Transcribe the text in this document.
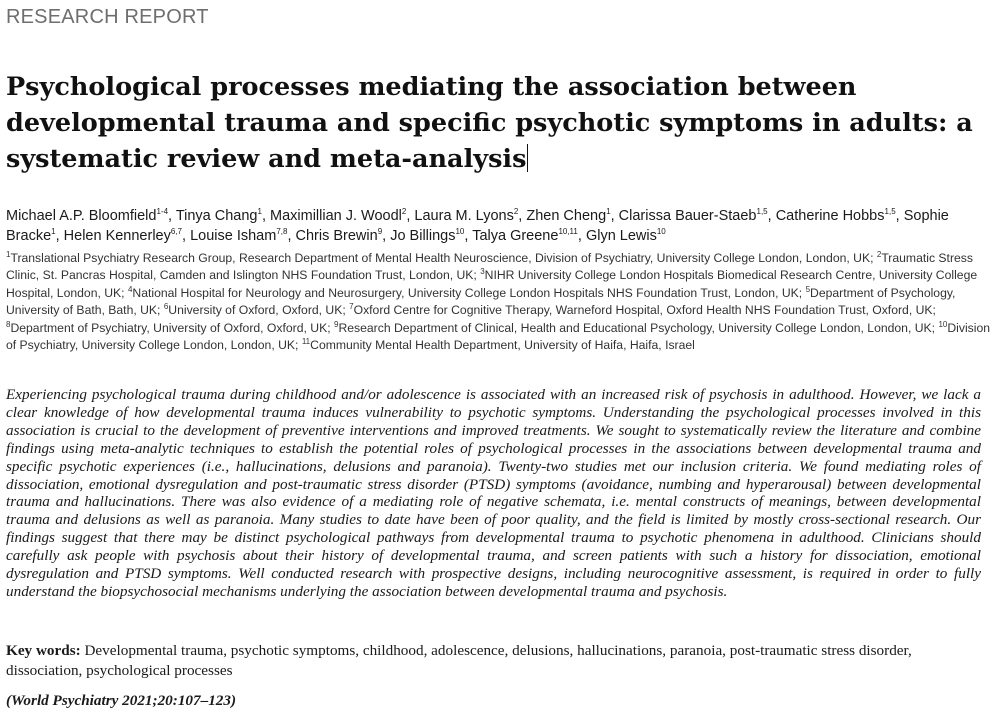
RESEARCH REPORT
Psychological processes mediating the association between developmental trauma and specific psychotic symptoms in adults: a systematic review and meta-analysis
Michael A.P. Bloomfield$^{1-4}$, Tinya Chang$^1$, Maximillian J. Woodl$^2$, Laura M. Lyons$^2$, Zhen Cheng$^1$, Clarissa Bauer-Staeb$^{1,5}$, Catherine Hobbs$^{1,5}$, Sophie Bracke$^1$, Helen Kennerley$^{6,7}$, Louise Isham$^{7,8}$, Chris Brewin$^9$, Jo Billings$^{10}$, Talya Greene$^{10,11}$, Glyn Lewis$^{10}$
$^1$Translational Psychiatry Research Group, Research Department of Mental Health Neuroscience, Division of Psychiatry, University College London, London, UK; $^2$Traumatic Stress Clinic, St. Pancras Hospital, Camden and Islington NHS Foundation Trust, London, UK; $^3$NIHR University College London Hospitals Biomedical Research Centre, University College Hospital, London, UK; $^4$National Hospital for Neurology and Neurosurgery, University College London Hospitals NHS Foundation Trust, London, UK; $^5$Department of Psychology, University of Bath, Bath, UK; $^6$University of Oxford, Oxford, UK; $^7$Oxford Centre for Cognitive Therapy, Warneford Hospital, Oxford Health NHS Foundation Trust, Oxford, UK; $^8$Department of Psychiatry, University of Oxford, Oxford, UK; $^9$Research Department of Clinical, Health and Educational Psychology, University College London, London, UK; $^{10}$Division of Psychiatry, University College London, London, UK; $^{11}$Community Mental Health Department, University of Haifa, Haifa, Israel

Experiencing psychological trauma during childhood and/or adolescence is associated with an increased risk of psychosis in adulthood. However, we lack a clear knowledge of how developmental trauma induces vulnerability to psychotic symptoms. Understanding the psychological processes involved in this association is crucial to the development of preventive interventions and improved treatments. We sought to systematically review the literature and combine findings using meta-analytic techniques to establish the potential roles of psychological processes in the associations between developmental trauma and specific psychotic experiences (i.e., hallucinations, delusions and paranoia). Twenty-two studies met our inclusion criteria. We found mediating roles of dissociation, emotional dysregulation and post-traumatic stress disorder (PTSD) symptoms (avoidance, numbing and hyperarousal) between developmental trauma and hallucinations. There was also evidence of a mediating role of negative schemata, i.e. mental constructs of meanings, between developmental trauma and delusions as well as paranoia. Many studies to date have been of poor quality, and the field is limited by mostly cross-sectional research. Our findings suggest that there may be distinct psychological pathways from developmental trauma to psychotic phenomena in adulthood. Clinicians should carefully ask people with psychosis about their history of developmental trauma, and screen patients with such a history for dissociation, emotional dysregulation and PTSD symptoms. Well conducted research with prospective designs, including neurocognitive assessment, is required in order to fully understand the biopsychosocial mechanisms underlying the association between developmental trauma and psychosis.

Key words: Developmental trauma, psychotic symptoms, childhood, adolescence, delusions, hallucinations, paranoia, post-traumatic stress disorder, dissociation, psychological processes

(World Psychiatry 2021;20:107–123)
